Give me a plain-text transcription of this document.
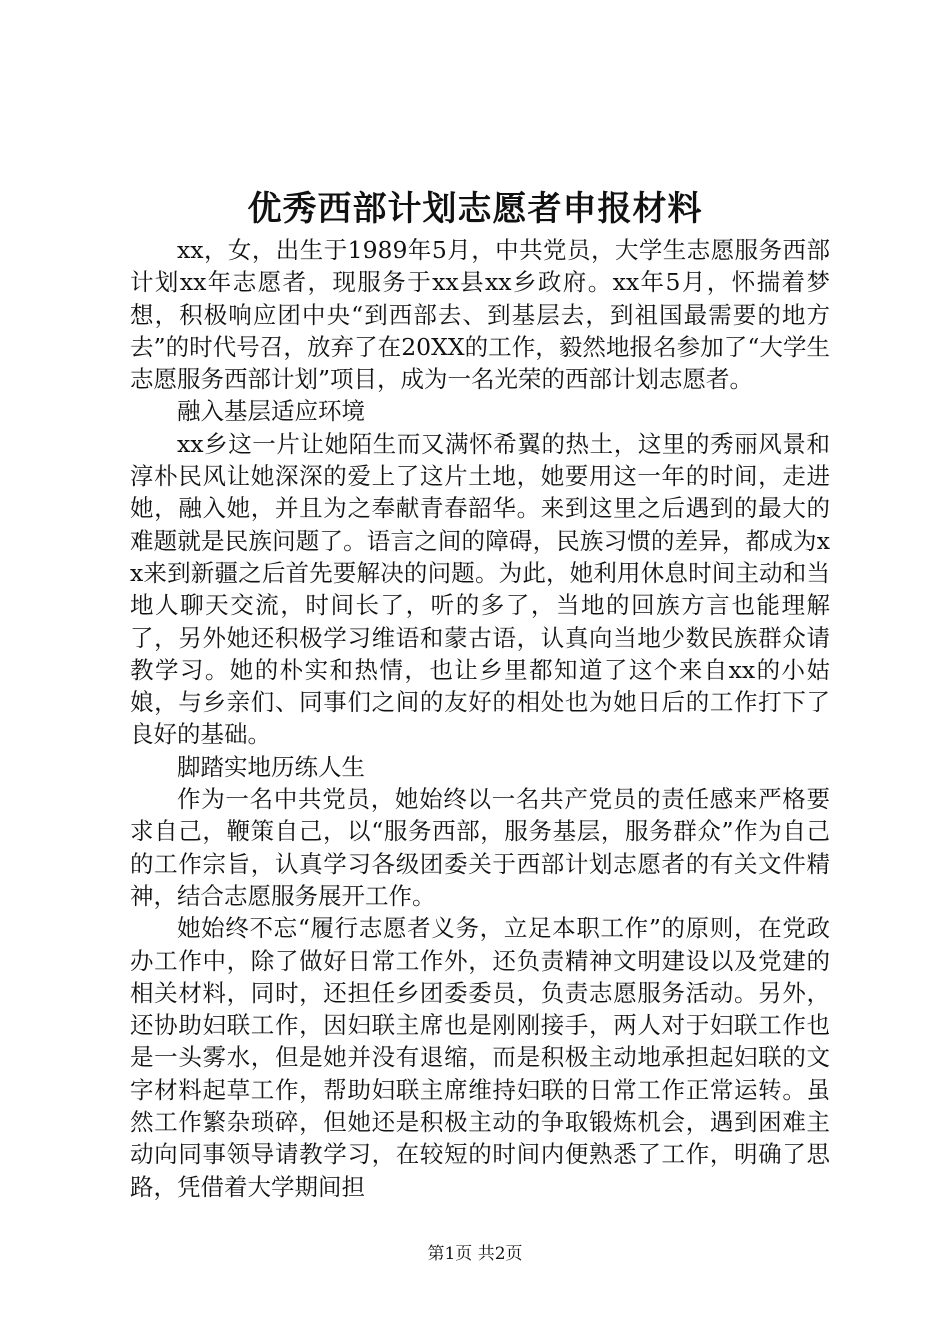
优秀西部计划志愿者申报材料

xx，女，出生于1989年5月，中共党员，大学生志愿服务西部计划xx年志愿者，现服务于xx县xx乡政府。xx年5月，怀揣着梦想，积极响应团中央“到西部去、到基层去，到祖国最需要的地方去”的时代号召，放弃了在20XX的工作，毅然地报名参加了“大学生志愿服务西部计划”项目，成为一名光荣的西部计划志愿者。

融入基层适应环境

xx乡这一片让她陌生而又满怀希翼的热土，这里的秀丽风景和淳朴民风让她深深的爱上了这片土地，她要用这一年的时间，走进她，融入她，并且为之奉献青春韶华。来到这里之后遇到的最大的难题就是民族问题了。语言之间的障碍，民族习惯的差异，都成为xx来到新疆之后首先要解决的问题。为此，她利用休息时间主动和当地人聊天交流，时间长了，听的多了，当地的回族方言也能理解了，另外她还积极学习维语和蒙古语，认真向当地少数民族群众请教学习。她的朴实和热情，也让乡里都知道了这个来自xx的小姑娘，与乡亲们、同事们之间的友好的相处也为她日后的工作打下了良好的基础。

脚踏实地历练人生

作为一名中共党员，她始终以一名共产党员的责任感来严格要求自己，鞭策自己，以“服务西部，服务基层，服务群众”作为自己的工作宗旨，认真学习各级团委关于西部计划志愿者的有关文件精神，结合志愿服务展开工作。

她始终不忘“履行志愿者义务，立足本职工作”的原则，在党政办工作中，除了做好日常工作外，还负责精神文明建设以及党建的相关材料，同时，还担任乡团委委员，负责志愿服务活动。另外，还协助妇联工作，因妇联主席也是刚刚接手，两人对于妇联工作也是一头雾水，但是她并没有退缩，而是积极主动地承担起妇联的文字材料起草工作，帮助妇联主席维持妇联的日常工作正常运转。虽然工作繁杂琐碎，但她还是积极主动的争取锻炼机会，遇到困难主动向同事领导请教学习，在较短的时间内便熟悉了工作，明确了思路，凭借着大学期间担

第1页 共2页
